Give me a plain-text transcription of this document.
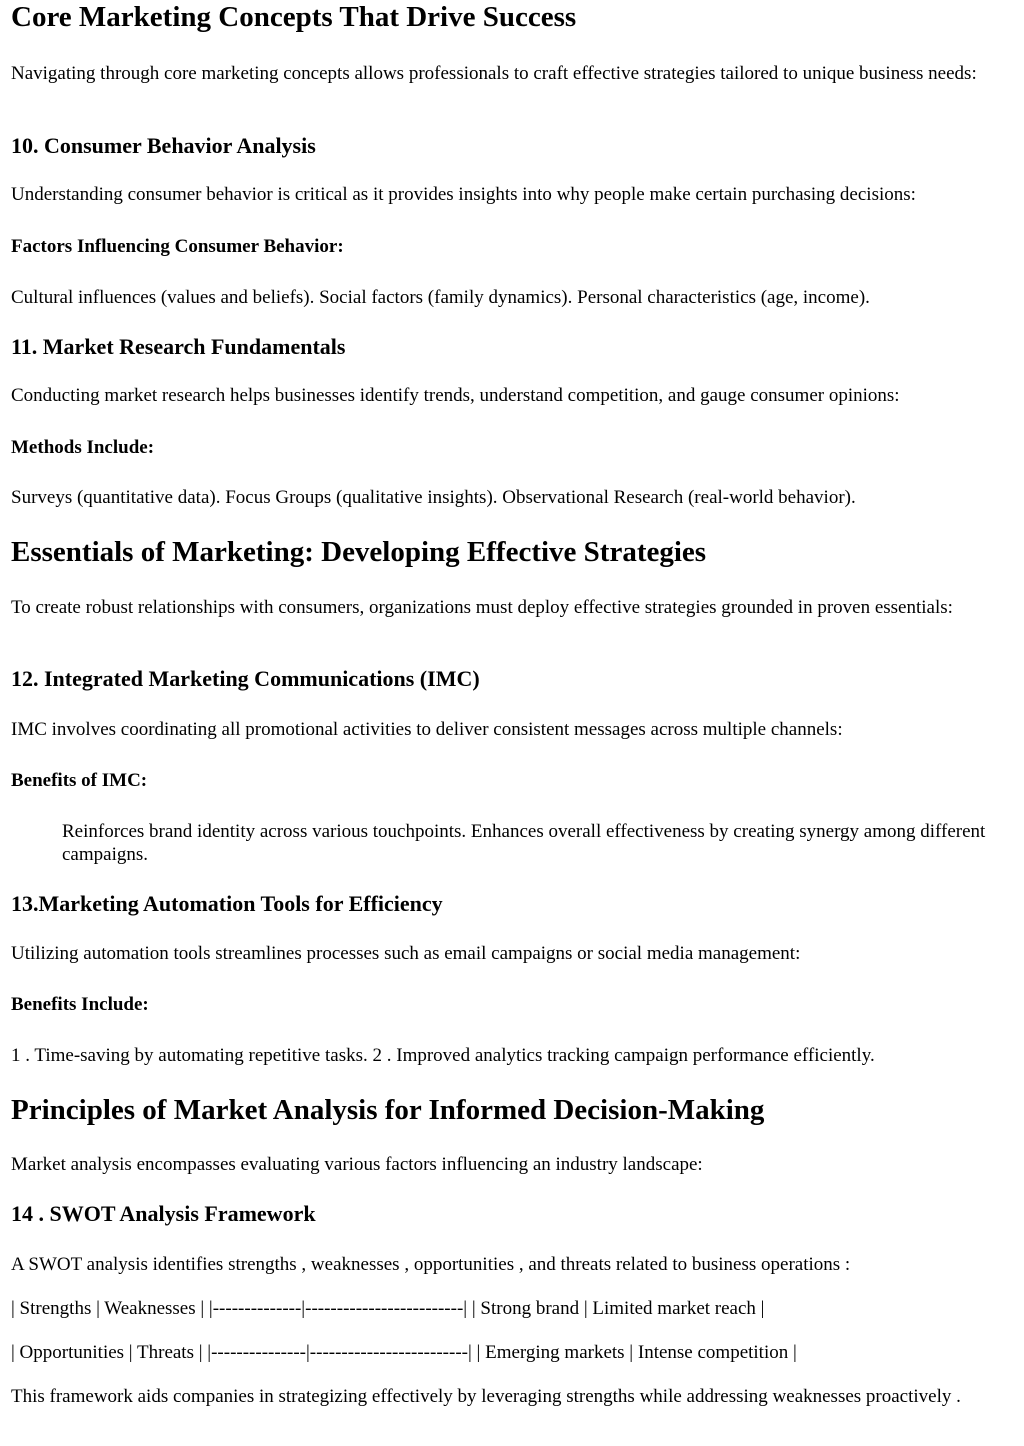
Core Marketing Concepts That Drive Success

Navigating through core marketing concepts allows professionals to craft effective strategies tailored to unique business needs:

10. Consumer Behavior Analysis

Understanding consumer behavior is critical as it provides insights into why people make certain purchasing decisions:

Factors Influencing Consumer Behavior:

Cultural influences (values and beliefs). Social factors (family dynamics). Personal characteristics (age, income).

11. Market Research Fundamentals

Conducting market research helps businesses identify trends, understand competition, and gauge consumer opinions:

Methods Include:

Surveys (quantitative data). Focus Groups (qualitative insights). Observational Research (real-world behavior).

Essentials of Marketing: Developing Effective Strategies

To create robust relationships with consumers, organizations must deploy effective strategies grounded in proven essentials:

12. Integrated Marketing Communications (IMC)

IMC involves coordinating all promotional activities to deliver consistent messages across multiple channels:

Benefits of IMC:
Reinforces brand identity across various touchpoints. Enhances overall effectiveness by creating synergy among different campaigns.
13.Marketing Automation Tools for Efficiency

Utilizing automation tools streamlines processes such as email campaigns or social media management:

Benefits Include:

1 . Time-saving by automating repetitive tasks. 2 . Improved analytics tracking campaign performance efficiently.

Principles of Market Analysis for Informed Decision-Making

Market analysis encompasses evaluating various factors influencing an industry landscape:

14 . SWOT Analysis Framework

A SWOT analysis identifies strengths , weaknesses , opportunities , and threats related to business operations :

| Strengths | Weaknesses | |--------------|-------------------------| | Strong brand | Limited market reach |

| Opportunities | Threats | |---------------|-------------------------| | Emerging markets | Intense competition |

This framework aids companies in strategizing effectively by leveraging strengths while addressing weaknesses proactively .
